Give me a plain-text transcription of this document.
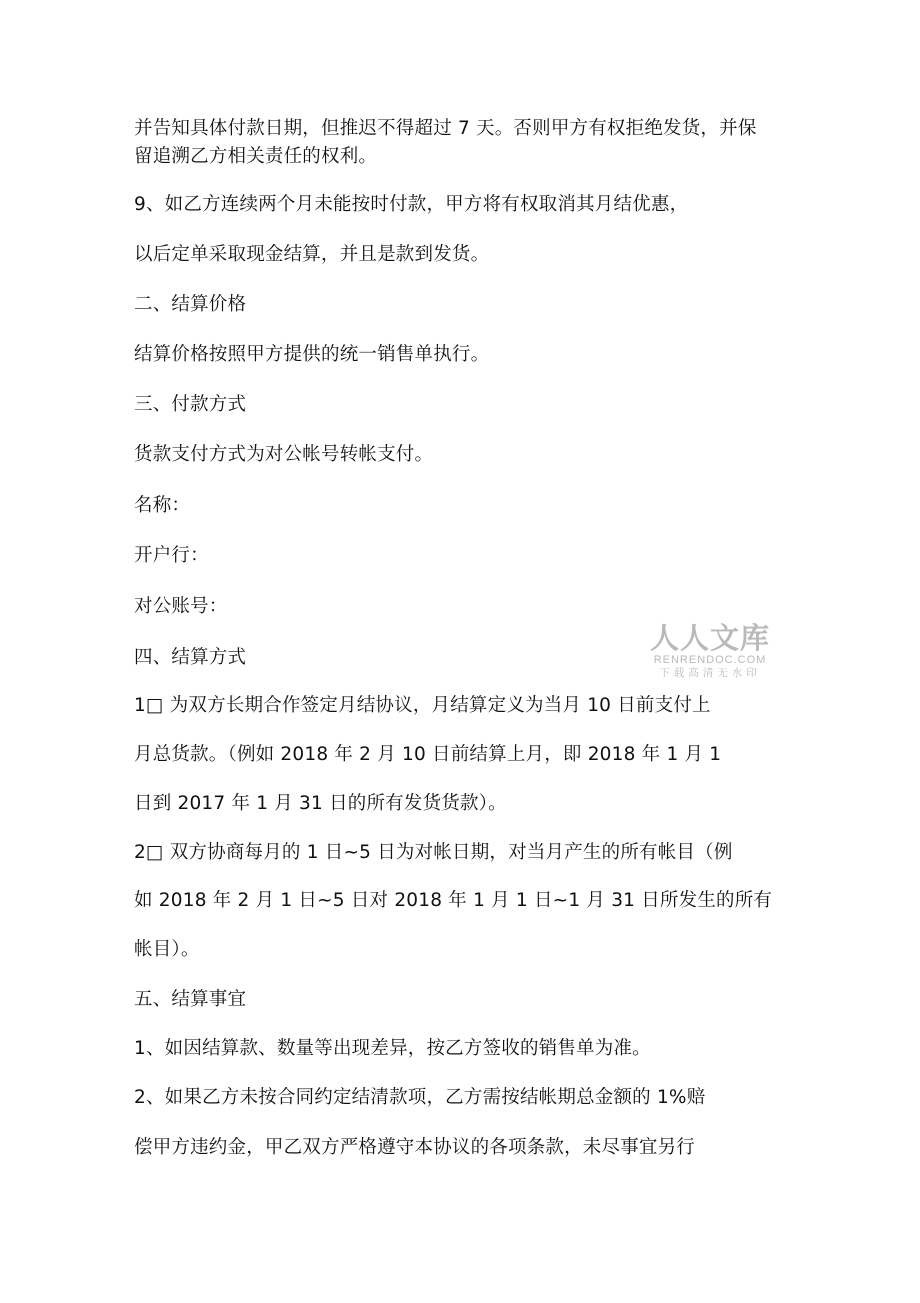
并告知具体付款日期，但推迟不得超过 7 天。否则甲方有权拒绝发货，并保
留追溯乙方相关责任的权利。
9、如乙方连续两个月未能按时付款，甲方将有权取消其月结优惠，
以后定单采取现金结算，并且是款到发货。
二、结算价格
结算价格按照甲方提供的统一销售单执行。
三、付款方式
货款支付方式为对公帐号转帐支付。
名称：
开户行：
对公账号：
四、结算方式
1□ 为双方长期合作签定月结协议，月结算定义为当月 10 日前支付上
月总货款。（例如 2018 年 2 月 10 日前结算上月，即 2018 年 1 月 1
日到 2017 年 1 月 31 日的所有发货货款）。
2□ 双方协商每月的 1 日~5 日为对帐日期，对当月产生的所有帐目（例
如 2018 年 2 月 1 日~5 日对 2018 年 1 月 1 日~1 月 31 日所发生的所有
帐目）。
五、结算事宜
1、如因结算款、数量等出现差异，按乙方签收的销售单为准。
2、如果乙方未按合同约定结清款项，乙方需按结帐期总金额的 1%赔
偿甲方违约金，甲乙双方严格遵守本协议的各项条款，未尽事宜另行
人人文库
RENRENDOC.COM
下载高清无水印
